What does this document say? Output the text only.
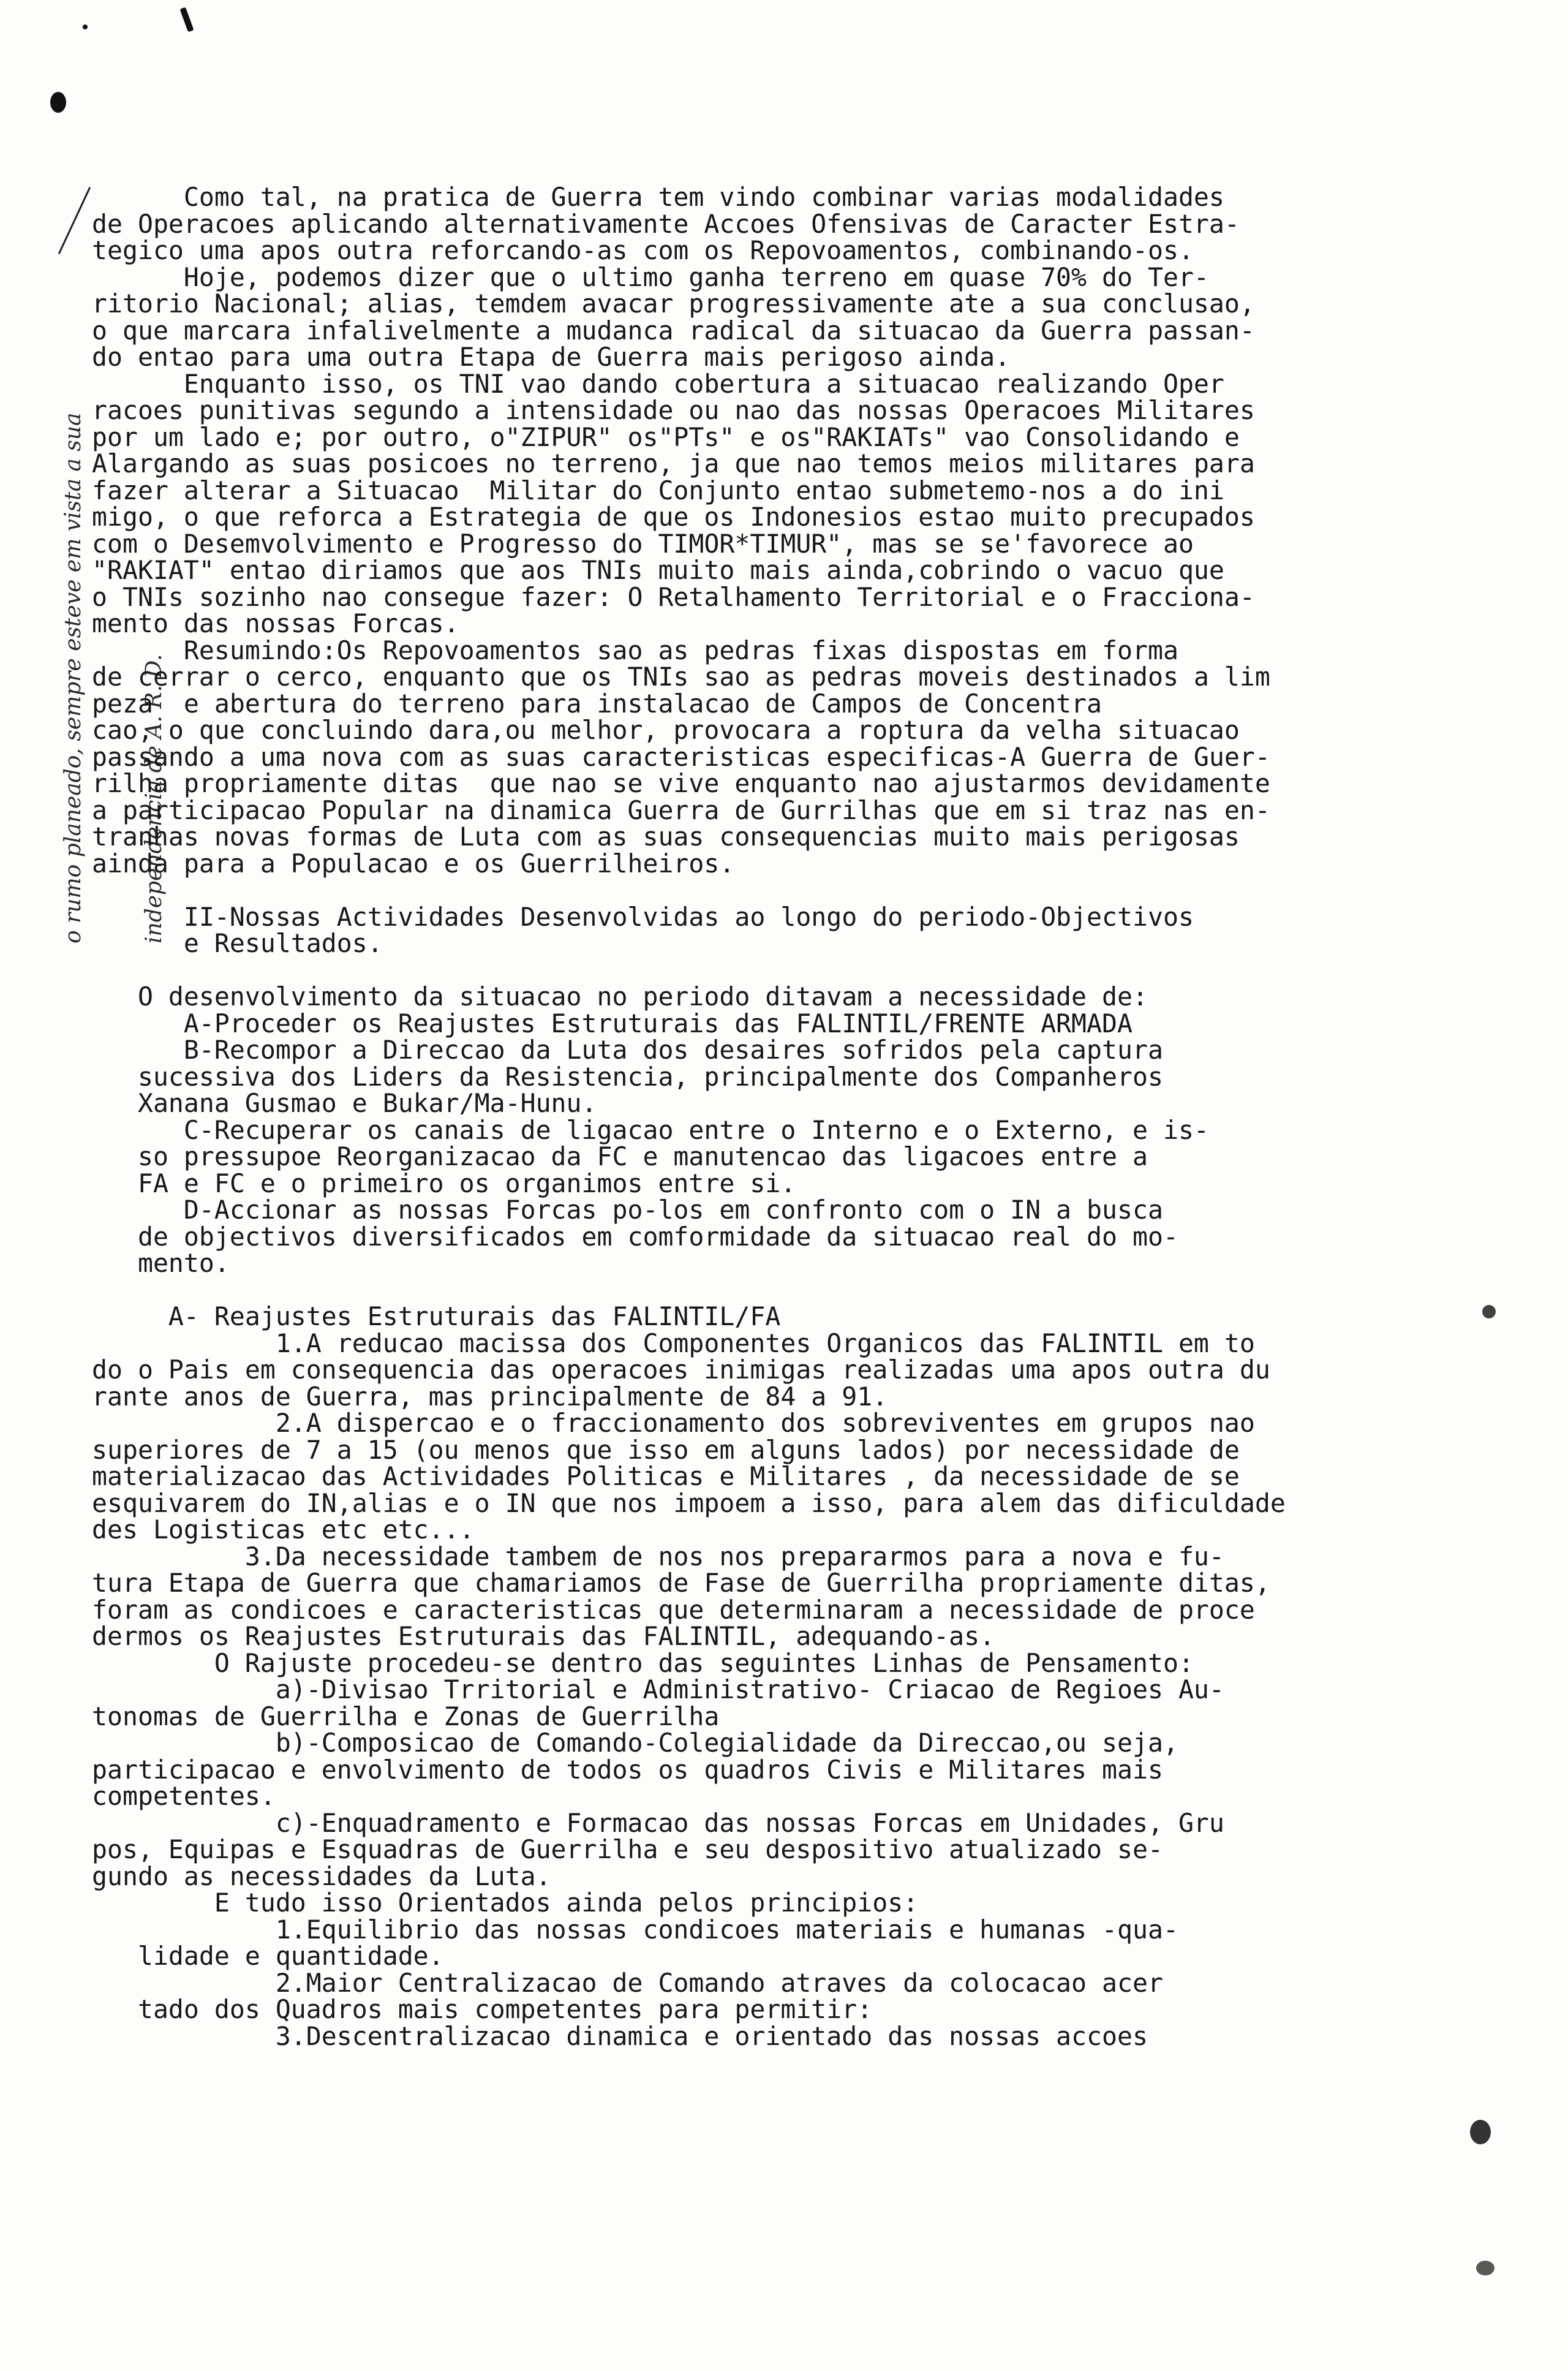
o rumo planeado, sempre esteve em vista a sua

	independencia de A. R. D.

Como tal, na pratica de Guerra tem vindo combinar varias modalidades
de Operacoes aplicando alternativamente Accoes Ofensivas de Caracter Estra-
tegico uma apos outra reforcando-as com os Repovoamentos, combinando-os.
Hoje, podemos dizer que o ultimo ganha terreno em quase 70% do Ter-
ritorio Nacional; alias, temdem avacar progressivamente ate a sua conclusao,
o que marcara infalivelmente a mudanca radical da situacao da Guerra passan-
do entao para uma outra Etapa de Guerra mais perigoso ainda.
Enquanto isso, os TNI vao dando cobertura a situacao realizando Oper
racoes punitivas segundo a intensidade ou nao das nossas Operacoes Militares
por um lado e; por outro, o"ZIPUR" os"PTs" e os"RAKIATs" vao Consolidando e
Alargando as suas posicoes no terreno, ja que nao temos meios militares para
fazer alterar a Situacao  Militar do Conjunto entao submetemo-nos a do ini
migo, o que reforca a Estrategia de que os Indonesios estao muito precupados
com o Desemvolvimento e Progresso do TIMOR*TIMUR", mas se se'favorece ao
"RAKIAT" entao diriamos que aos TNIs muito mais ainda,cobrindo o vacuo que
o TNIs sozinho nao consegue fazer: O Retalhamento Territorial e o Fracciona-
mento das nossas Forcas.
Resumindo:Os Repovoamentos sao as pedras fixas dispostas em forma
de cerrar o cerco, enquanto que os TNIs sao as pedras moveis destinados a lim
peza  e abertura do terreno para instalacao de Campos de Concentra
cao, o que concluindo dara,ou melhor, provocara a roptura da velha situacao
passando a uma nova com as suas caracteristicas especificas-A Guerra de Guer-
rilha propriamente ditas  que nao se vive enquanto nao ajustarmos devidamente
a participacao Popular na dinamica Guerra de Gurrilhas que em si traz nas en-
tranhas novas formas de Luta com as suas consequencias muito mais perigosas
ainda para a Populacao e os Guerrilheiros.
II-Nossas Actividades Desenvolvidas ao longo do periodo-Objectivos
e Resultados.
O desenvolvimento da situacao no periodo ditavam a necessidade de:
A-Proceder os Reajustes Estruturais das FALINTIL/FRENTE ARMADA
B-Recompor a Direccao da Luta dos desaires sofridos pela captura
sucessiva dos Liders da Resistencia, principalmente dos Companheros
Xanana Gusmao e Bukar/Ma-Hunu.
C-Recuperar os canais de ligacao entre o Interno e o Externo, e is-
so pressupoe Reorganizacao da FC e manutencao das ligacoes entre a
FA e FC e o primeiro os organimos entre si.
D-Accionar as nossas Forcas po-los em confronto com o IN a busca
de objectivos diversificados em comformidade da situacao real do mo-
mento.
A- Reajustes Estruturais das FALINTIL/FA
1.A reducao macissa dos Componentes Organicos das FALINTIL em to
do o Pais em consequencia das operacoes inimigas realizadas uma apos outra du
rante anos de Guerra, mas principalmente de 84 a 91.
2.A dispercao e o fraccionamento dos sobreviventes em grupos nao
superiores de 7 a 15 (ou menos que isso em alguns lados) por necessidade de
materializacao das Actividades Politicas e Militares , da necessidade de se
esquivarem do IN,alias e o IN que nos impoem a isso, para alem das dificuldade
des Logisticas etc etc...
3.Da necessidade tambem de nos nos prepararmos para a nova e fu-
tura Etapa de Guerra que chamariamos de Fase de Guerrilha propriamente ditas,
foram as condicoes e caracteristicas que determinaram a necessidade de proce
dermos os Reajustes Estruturais das FALINTIL, adequando-as.
O Rajuste procedeu-se dentro das seguintes Linhas de Pensamento:
a)-Divisao Trritorial e Administrativo- Criacao de Regioes Au-
tonomas de Guerrilha e Zonas de Guerrilha
b)-Composicao de Comando-Colegialidade da Direccao,ou seja,
participacao e envolvimento de todos os quadros Civis e Militares mais
competentes.
c)-Enquadramento e Formacao das nossas Forcas em Unidades, Gru
pos, Equipas e Esquadras de Guerrilha e seu despositivo atualizado se-
gundo as necessidades da Luta.
E tudo isso Orientados ainda pelos principios:
1.Equilibrio das nossas condicoes materiais e humanas -qua-
lidade e quantidade.
2.Maior Centralizacao de Comando atraves da colocacao acer
tado dos Quadros mais competentes para permitir:
3.Descentralizacao dinamica e orientado das nossas accoes
